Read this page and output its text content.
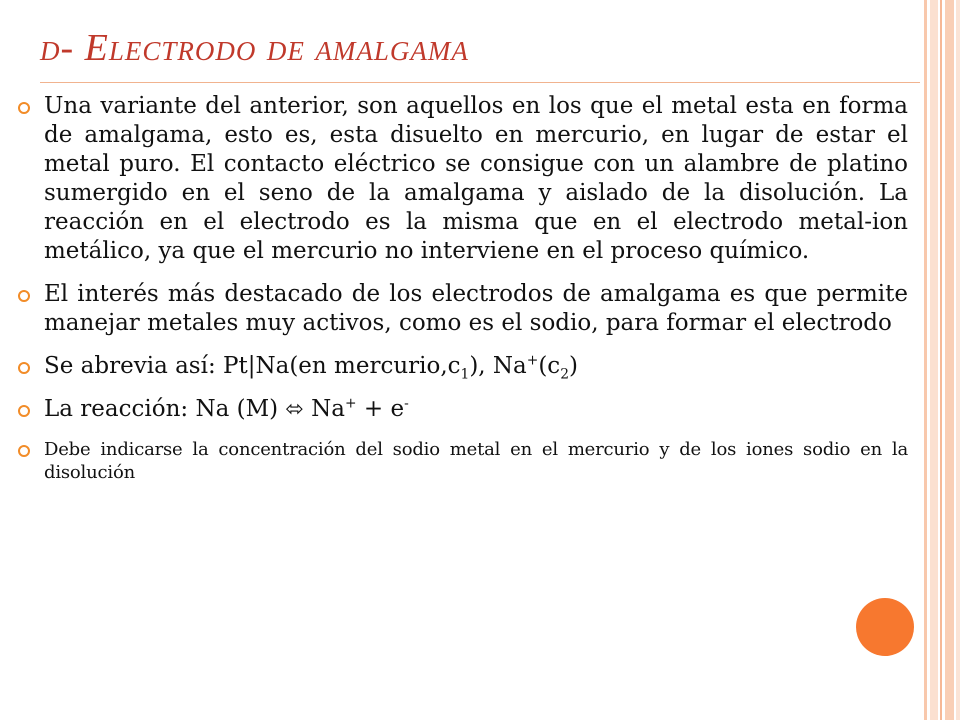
d- Electrodo de amalgama
Una variante del anterior, son aquellos en los que el metal esta en forma de amalgama, esto es, esta disuelto en mercurio, en lugar de estar el metal puro. El contacto eléctrico se consigue con un alambre de platino sumergido en el seno de la amalgama y aislado de la disolución. La reacción en el electrodo es la misma que en el electrodo metal-ion metálico, ya que el mercurio no interviene en el proceso químico.
El interés más destacado de los electrodos de amalgama es que permite manejar metales muy activos, como es el sodio, para formar el electrodo
Se abrevia así: Pt|Na(en $mercurio,c_1$), $Na^+(c_2)$
La reacción: Na (M) ⬄ Na+ + e-
Debe indicarse la concentración del sodio metal en el mercurio y de los iones sodio en la disolución
